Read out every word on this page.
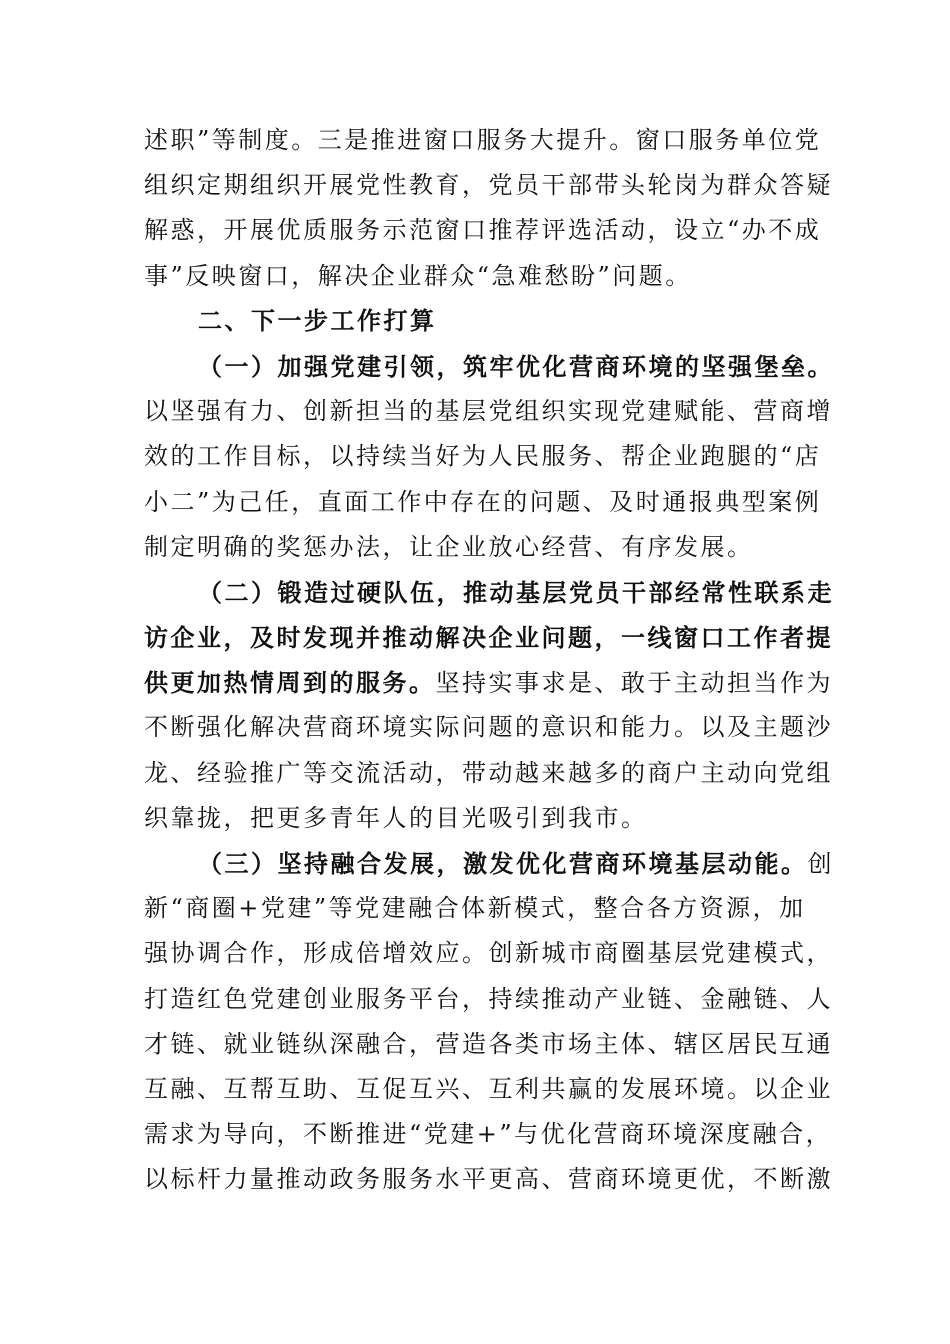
述职”等制度。三是推进窗口服务大提升。窗口服务单位党
组织定期组织开展党性教育，党员干部带头轮岗为群众答疑
解惑，开展优质服务示范窗口推荐评选活动，设立“办不成
事”反映窗口，解决企业群众“急难愁盼”问题。
二、下一步工作打算
（一）加强党建引领，筑牢优化营商环境的坚强堡垒。
以坚强有力、创新担当的基层党组织实现党建赋能、营商增
效的工作目标，以持续当好为人民服务、帮企业跑腿的“店
小二”为己任，直面工作中存在的问题、及时通报典型案例
制定明确的奖惩办法，让企业放心经营、有序发展。
（二）锻造过硬队伍，推动基层党员干部经常性联系走
访企业，及时发现并推动解决企业问题，一线窗口工作者提
供更加热情周到的服务。坚持实事求是、敢于主动担当作为
不断强化解决营商环境实际问题的意识和能力。以及主题沙
龙、经验推广等交流活动，带动越来越多的商户主动向党组
织靠拢，把更多青年人的目光吸引到我市。
（三）坚持融合发展，激发优化营商环境基层动能。创
新“商圈+党建”等党建融合体新模式，整合各方资源，加
强协调合作，形成倍增效应。创新城市商圈基层党建模式，
打造红色党建创业服务平台，持续推动产业链、金融链、人
才链、就业链纵深融合，营造各类市场主体、辖区居民互通
互融、互帮互助、互促互兴、互利共赢的发展环境。以企业
需求为导向，不断推进“党建+”与优化营商环境深度融合，
以标杆力量推动政务服务水平更高、营商环境更优，不断激
